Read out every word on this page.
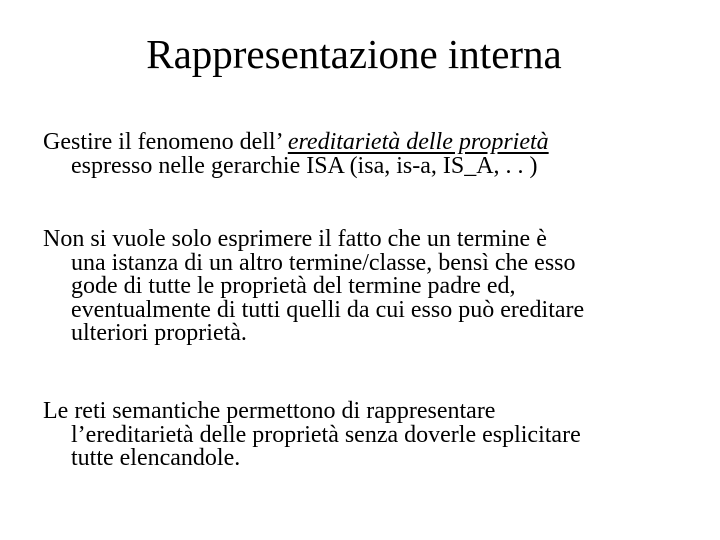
Rappresentazione interna
Gestire il fenomeno dell’ ereditarietà delle proprietà
espresso nelle gerarchie ISA (isa, is-a, IS_A, . . )
Non si vuole solo esprimere il fatto che un termine è
una istanza di un altro termine/classe, bensì che esso
gode di tutte le proprietà del termine padre ed,
eventualmente di tutti quelli da cui esso può ereditare
ulteriori proprietà.
Le reti semantiche permettono di rappresentare
l’ereditarietà delle proprietà senza doverle esplicitare
tutte elencandole.
